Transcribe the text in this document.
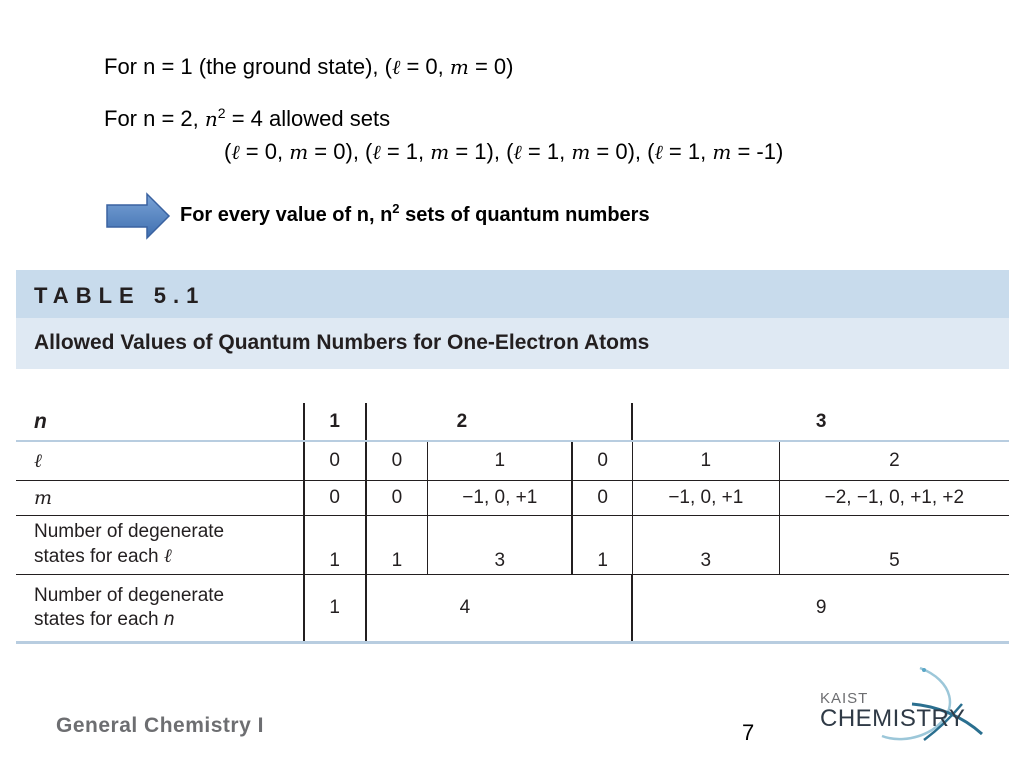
For n = 1 (the ground state), (ℓ = 0, m = 0)
For n = 2, $n^2 = 4$ allowed sets
(ℓ = 0, m = 0), (ℓ = 1, m = 1), (ℓ = 1, m = 0), (ℓ = 1, m = -1)
For every value of n, $n^2$ sets of quantum numbers
TABLE 5.1
Allowed Values of Quantum Numbers for One-Electron Atoms
n	1	2			3	
ℓ	0	0	1	0	1	2
m	0	0	−1, 0, +1	0	−1, 0, +1	−2, −1, 0, +1, +2
Number of degenerate
states for each ℓ	1	1	3	1	3	5
Number of degenerate
states for each n	1	4			9	
General Chemistry I	7
KAIST
CHEMISTRY
